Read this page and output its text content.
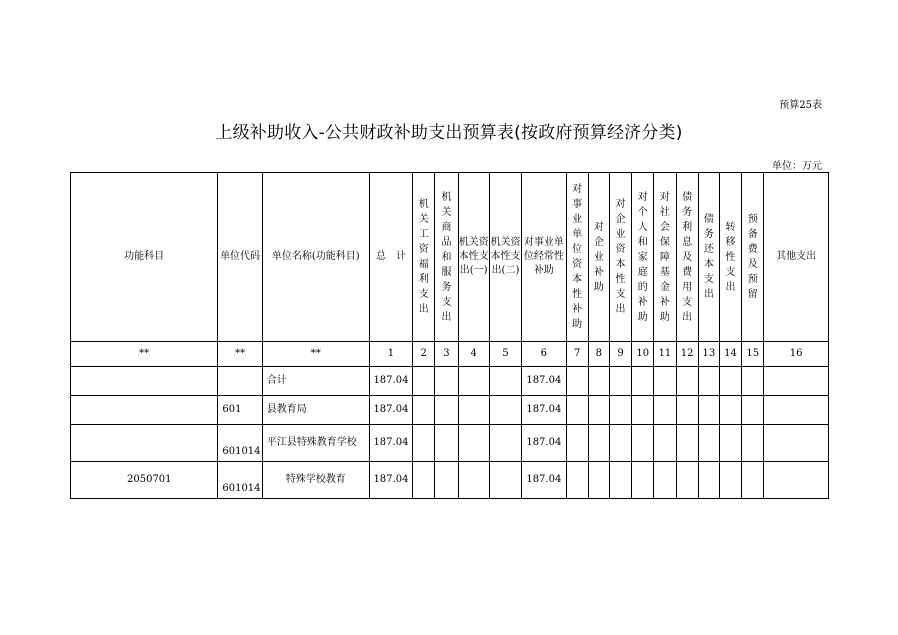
预算25表
上级补助收入-公共财政补助支出预算表(按政府预算经济分类)
单位：万元
功能科目	单位代码	单位名称(功能科目)	总　计	机关工资福利支出	机关商品和服务支出	机关资本性支出(一)	机关资本性支出(二)	对事业单位经常性补助	对事业单位资本性补助	对企业补助	对企业资本性支出	对个人和家庭的补助	对社会保障基金补助	债务利息及费用支出	债务还本支出	转移性支出	预备费及预留	其他支出
**	**	**	1	2	3	4	5	6	7	8	9	10	11	12	13	14	15	16
		合计	187.04					187.04										
	601	县教育局	187.04					187.04										
	601014	平江县特殊教育学校	187.04					187.04										
2050701	601014	特殊学校教育	187.04					187.04										
